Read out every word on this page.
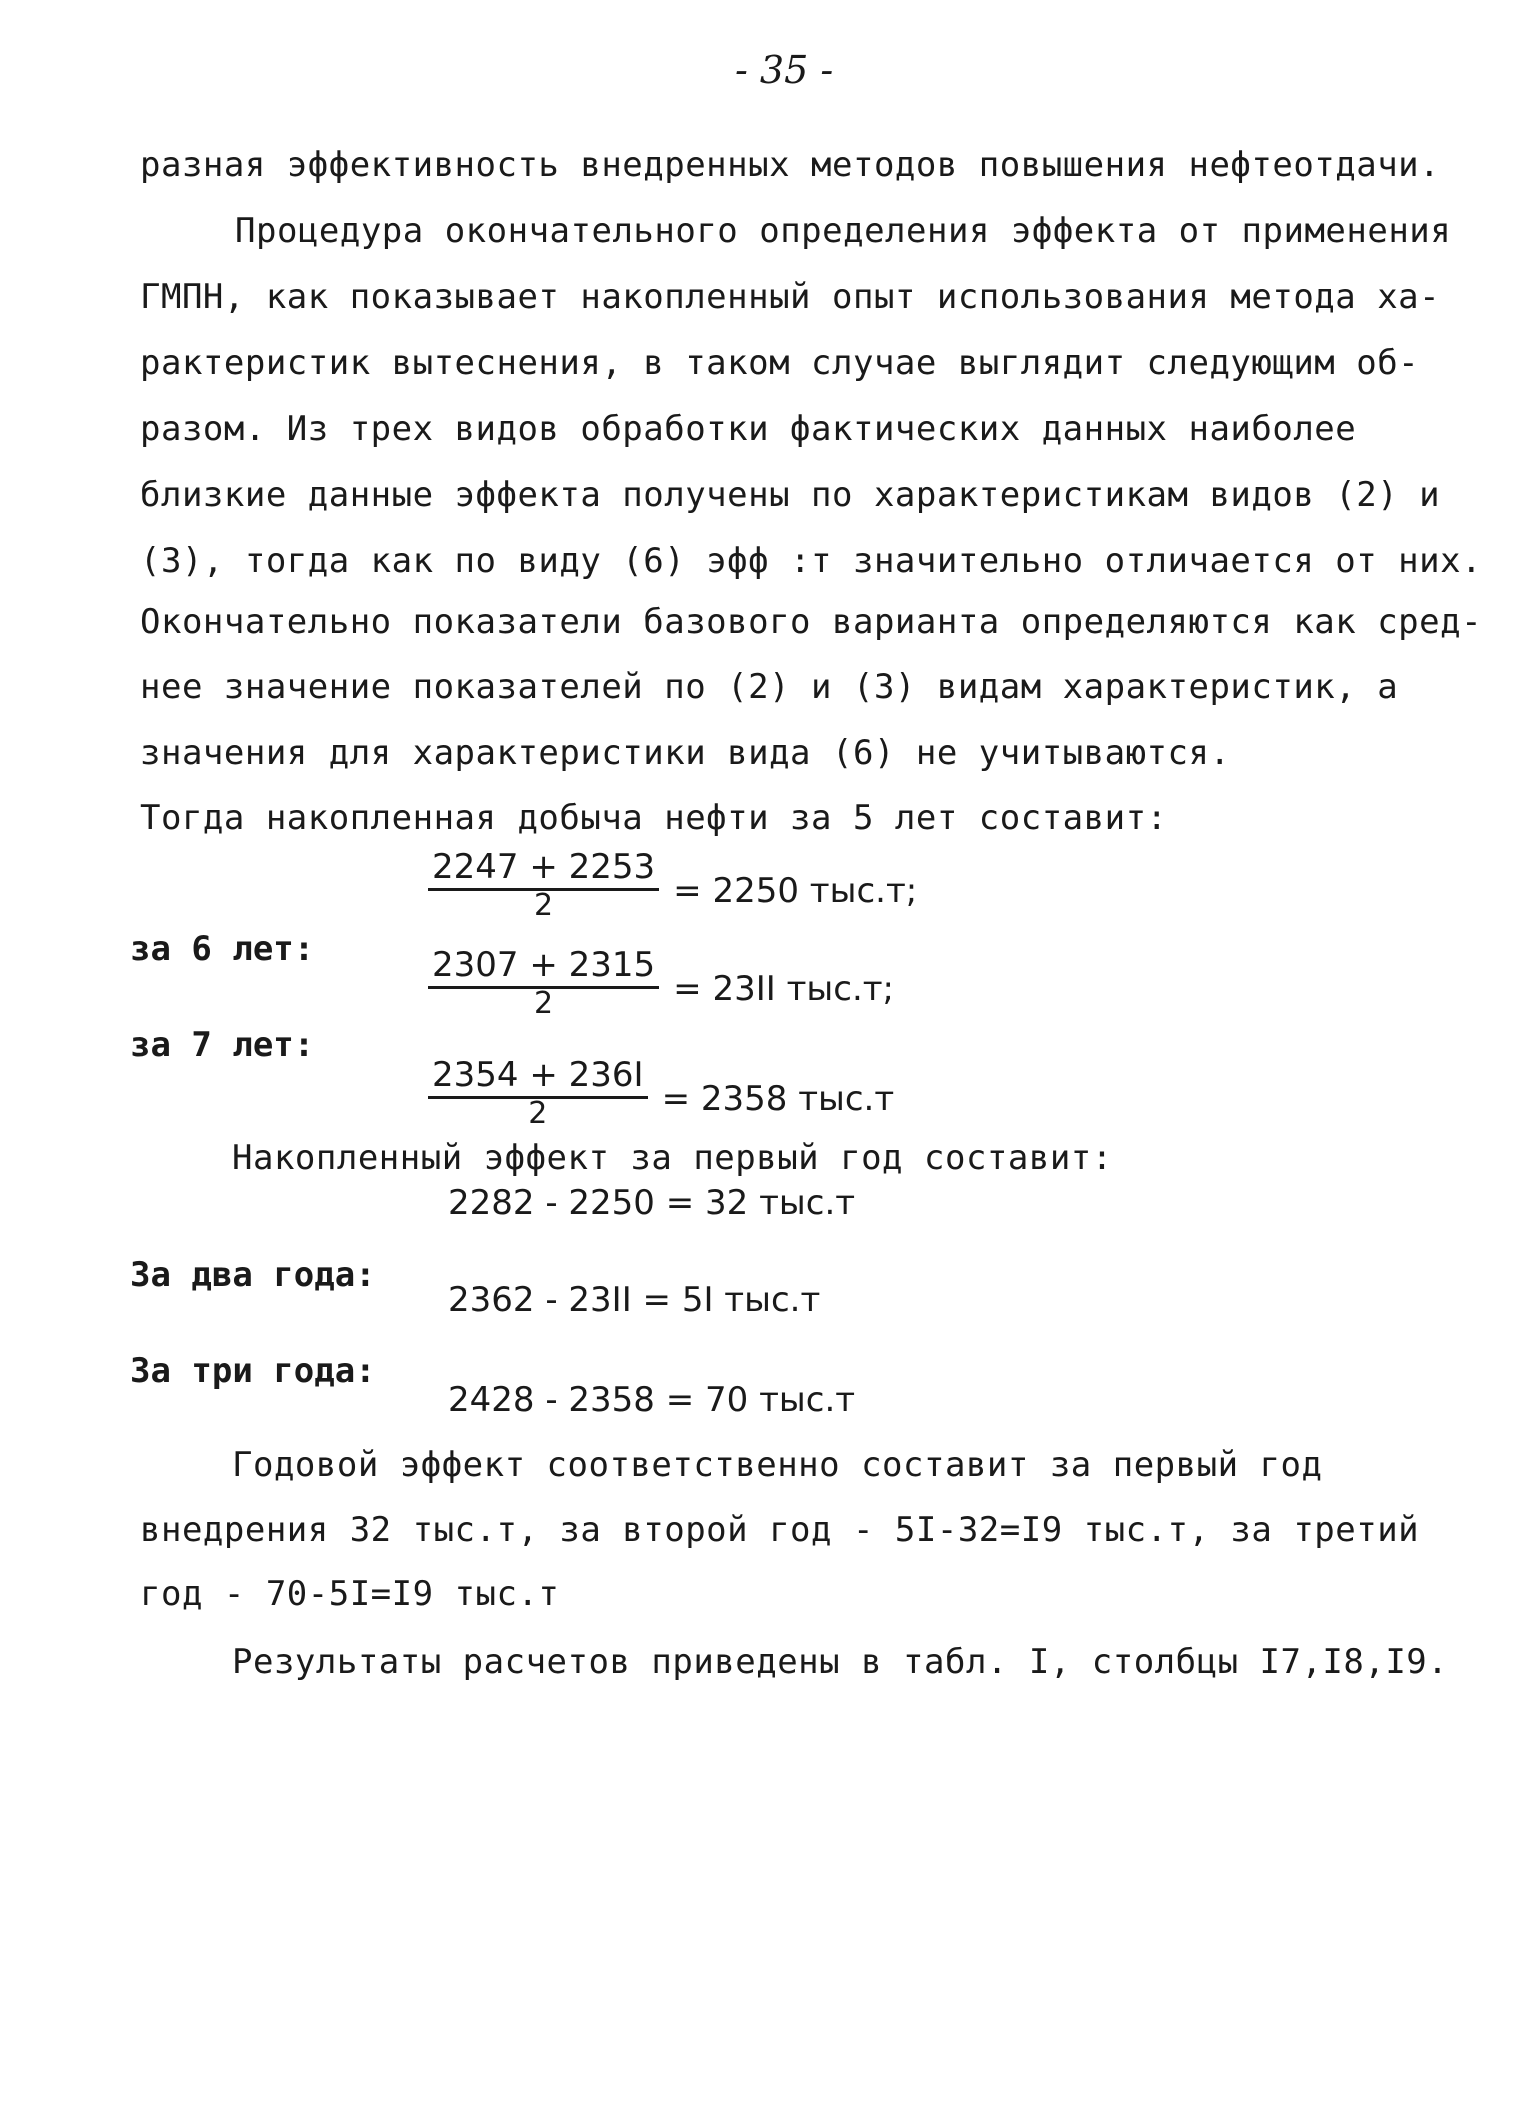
- 35 -
разная эффективность внедренных методов повышения нефтеотдачи.
Процедура окончательного определения эффекта от применения
ГМПН, как показывает накопленный опыт использования метода ха-
рактеристик вытеснения, в таком случае выглядит следующим об-
разом. Из трех видов обработки фактических данных наиболее
близкие данные эффекта получены по характеристикам видов (2) и
(3), тогда как по виду (6) эфф :т значительно отличается от них.
Окончательно показатели базового варианта определяются как сред-
нее значение показателей по (2) и (3) видам характеристик, а
значения для характеристики вида (6) не учитываются.
Тогда накопленная добыча нефти за 5 лет составит:
$\frac{2247 + 2253}{2} = 2250$ тыс.т;
за 6 лет:	$\frac{2307 + 2315}{2} = 23II$ тыс.т;
за 7 лет:
$\frac{2354 + 236I}{2} = 2358$ тыс.т
Накопленный эффект за первый год составит:
2282 - 2250 = 32 тыс.т
За два года:
2362 - 23II = 5I тыс.т
За три года:
2428 - 2358 = 70 тыс.т
Годовой эффект соответственно составит за первый год
внедрения 32 тыс.т, за второй год - 5I-32=I9 тыс.т, за третий
год - 70-5I=I9 тыс.т
Результаты расчетов приведены в табл. I, столбцы I7,I8,I9.
